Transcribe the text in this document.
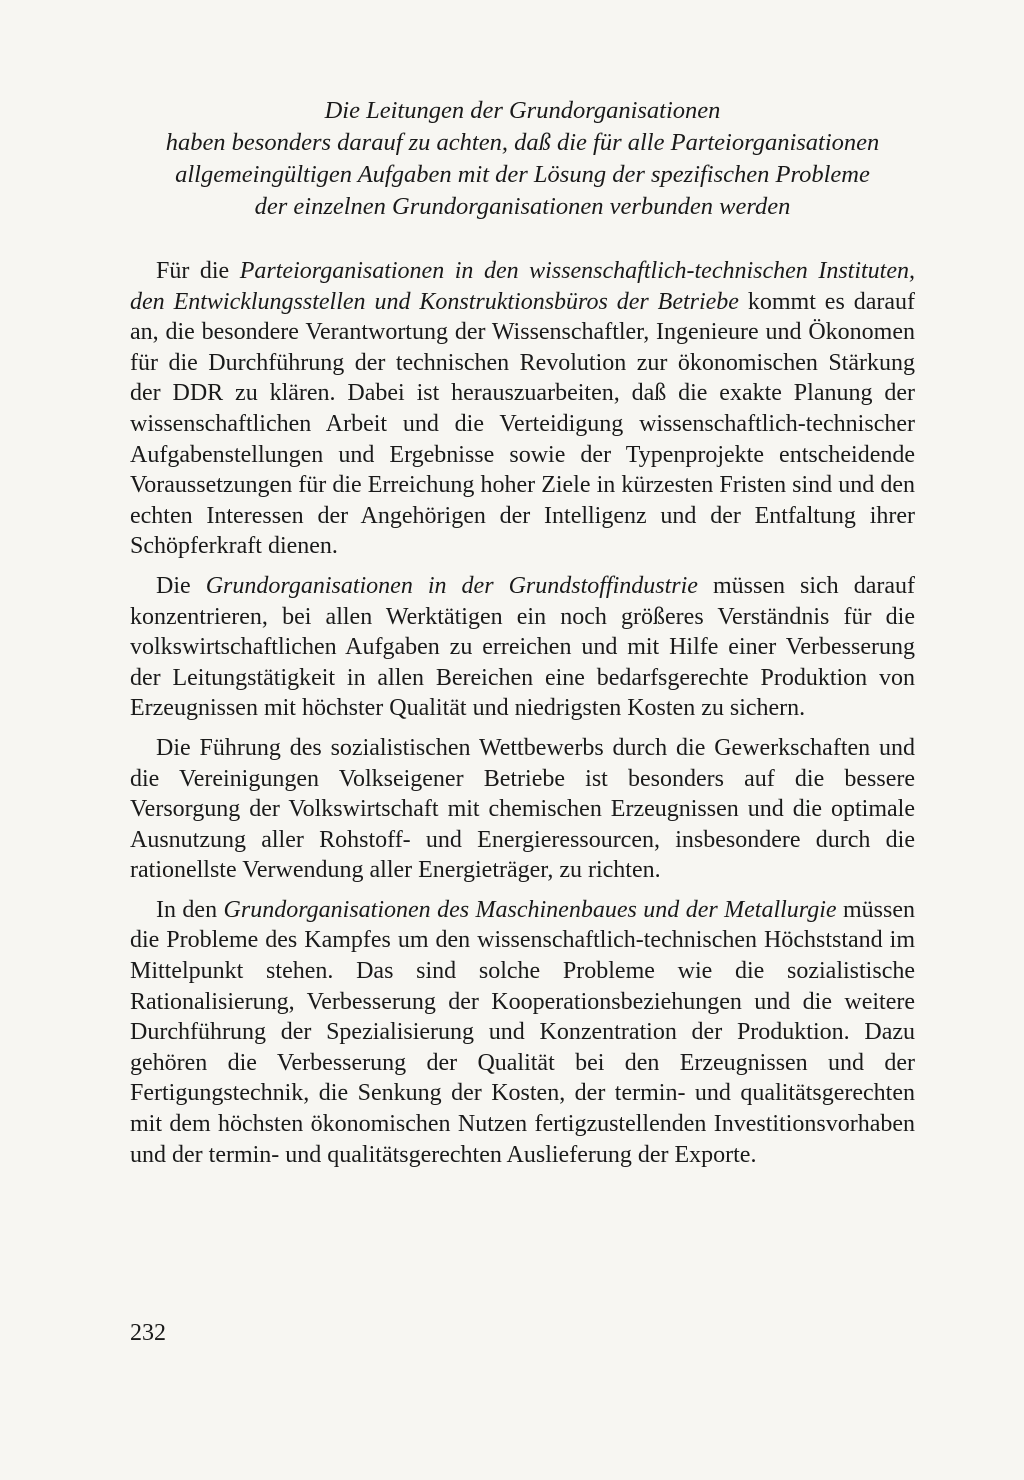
Die Leitungen der Grundorganisationen
haben besonders darauf zu achten, daß die für alle Parteiorganisationen
allgemeingültigen Aufgaben mit der Lösung der spezifischen Probleme
der einzelnen Grundorganisationen verbunden werden

Für die Parteiorganisationen in den wissenschaftlich-technischen Instituten, den Entwicklungsstellen und Konstruktionsbüros der Betriebe kommt es darauf an, die besondere Verantwortung der Wissenschaftler, Ingenieure und Ökonomen für die Durchführung der technischen Revolution zur ökonomischen Stärkung der DDR zu klären. Dabei ist herauszuarbeiten, daß die exakte Planung der wissenschaftlichen Arbeit und die Verteidigung wissenschaftlich-technischer Aufgabenstellungen und Ergebnisse sowie der Typenprojekte entscheidende Voraussetzungen für die Erreichung hoher Ziele in kürzesten Fristen sind und den echten Interessen der Angehörigen der Intelligenz und der Entfaltung ihrer Schöpferkraft dienen.

Die Grundorganisationen in der Grundstoffindustrie müssen sich darauf konzentrieren, bei allen Werktätigen ein noch größeres Verständnis für die volkswirtschaftlichen Aufgaben zu erreichen und mit Hilfe einer Verbesserung der Leitungstätigkeit in allen Bereichen eine bedarfsgerechte Produktion von Erzeugnissen mit höchster Qualität und niedrigsten Kosten zu sichern.

Die Führung des sozialistischen Wettbewerbs durch die Gewerkschaften und die Vereinigungen Volkseigener Betriebe ist besonders auf die bessere Versorgung der Volkswirtschaft mit chemischen Erzeugnissen und die optimale Ausnutzung aller Rohstoff- und Energieressourcen, insbesondere durch die rationellste Verwendung aller Energieträger, zu richten.

In den Grundorganisationen des Maschinenbaues und der Metallurgie müssen die Probleme des Kampfes um den wissenschaftlich-technischen Höchststand im Mittelpunkt stehen. Das sind solche Probleme wie die sozialistische Rationalisierung, Verbesserung der Kooperationsbeziehungen und die weitere Durchführung der Spezialisierung und Konzentration der Produktion. Dazu gehören die Verbesserung der Qualität bei den Erzeugnissen und der Fertigungstechnik, die Senkung der Kosten, der termin- und qualitätsgerechten mit dem höchsten ökonomischen Nutzen fertigzustellenden Investitionsvorhaben und der termin- und qualitätsgerechten Auslieferung der Exporte.

232
